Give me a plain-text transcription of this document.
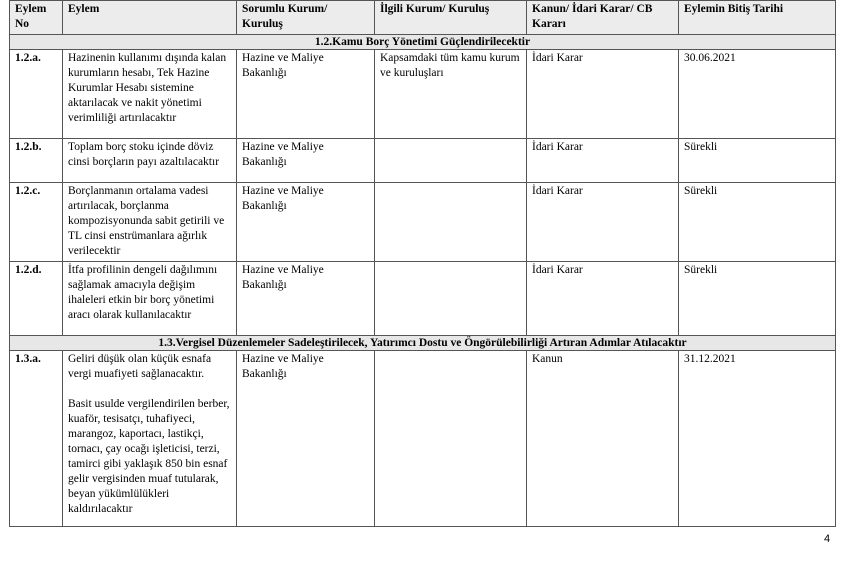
Eylem No	Eylem	Sorumlu Kurum/ Kuruluş	İlgili Kurum/ Kuruluş	Kanun/ İdari Karar/ CB Kararı	Eylemin Bitiş Tarihi
1.2.Kamu Borç Yönetimi Güçlendirilecektir					
1.2.a.	Hazinenin kullanımı dışında kalan kurumların hesabı, Tek Hazine Kurumlar Hesabı sistemine aktarılacak ve nakit yönetimi verimliliği artırılacaktır	Hazine ve Maliye Bakanlığı	Kapsamdaki tüm kamu kurum ve kuruluşları	İdari Karar	30.06.2021
1.2.b.	Toplam borç stoku içinde döviz cinsi borçların payı azaltılacaktır	Hazine ve Maliye Bakanlığı		İdari Karar	Sürekli
1.2.c.	Borçlanmanın ortalama vadesi artırılacak, borçlanma kompozisyonunda sabit getirili ve TL cinsi enstrümanlara ağırlık verilecektir	Hazine ve Maliye Bakanlığı		İdari Karar	Sürekli
1.2.d.	İtfa profilinin dengeli dağılımını sağlamak amacıyla değişim ihaleleri etkin bir borç yönetimi aracı olarak kullanılacaktır	Hazine ve Maliye Bakanlığı		İdari Karar	Sürekli
1.3.Vergisel Düzenlemeler Sadeleştirilecek, Yatırımcı Dostu ve Öngörülebilirliği Artıran Adımlar Atılacaktır					
1.3.a.	Geliri düşük olan küçük esnafa vergi muafiyeti sağlanacaktır.
Basit usulde vergilendirilen berber, kuaför, tesisatçı, tuhafiyeci, marangoz, kaportacı, lastikçi, tornacı, çay ocağı işleticisi, terzi, tamirci gibi yaklaşık 850 bin esnaf gelir vergisinden muaf tutularak, beyan yükümlülükleri kaldırılacaktır	Hazine ve Maliye Bakanlığı		Kanun	31.12.2021
4
